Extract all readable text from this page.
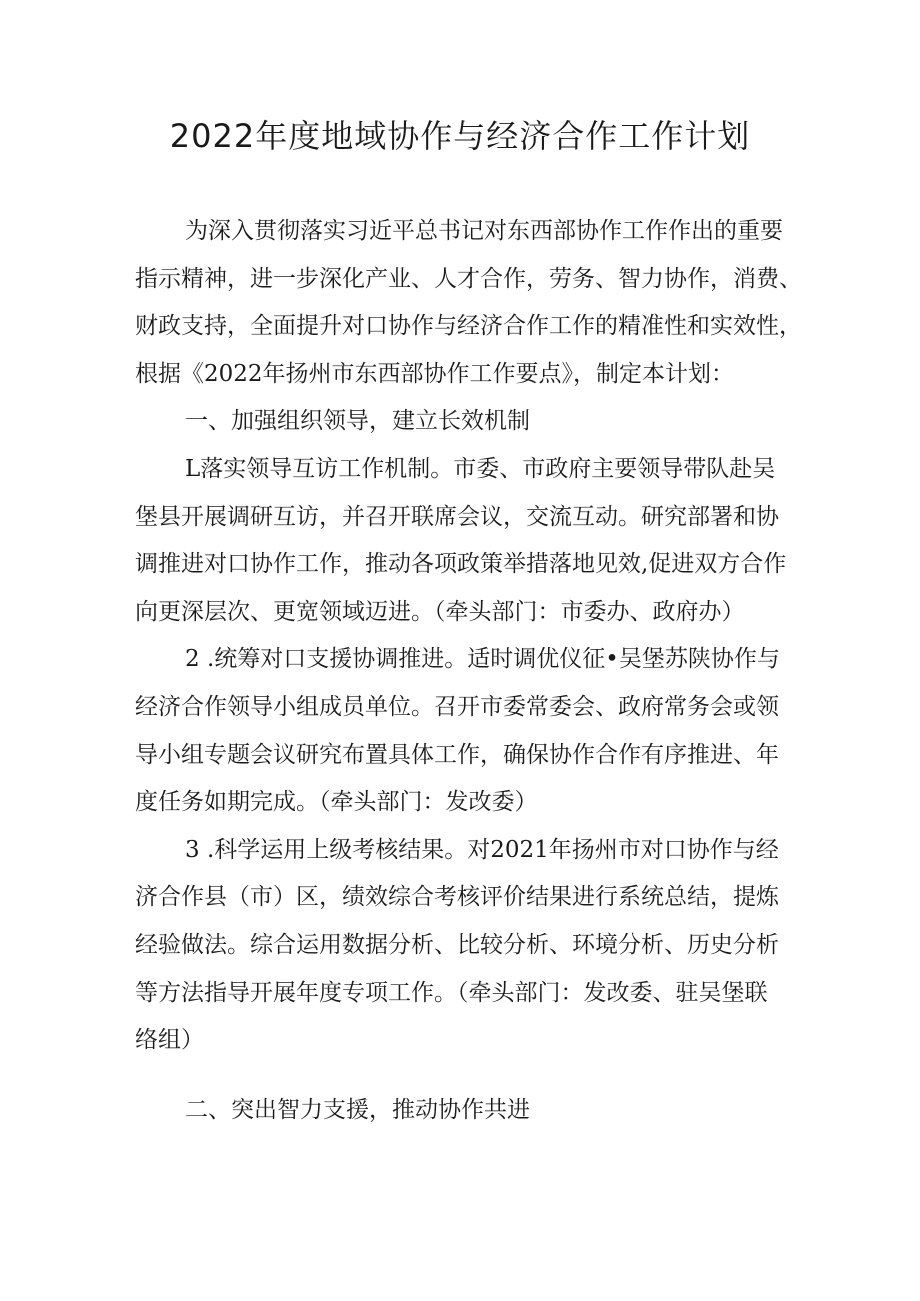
2022年度地域协作与经济合作工作计划
为深入贯彻落实习近平总书记对东西部协作工作作出的重要
指示精神，进一步深化产业、人才合作，劳务、智力协作，消费、
财政支持，全面提升对口协作与经济合作工作的精准性和实效性，
根据《2022年扬州市东西部协作工作要点》，制定本计划：
一、加强组织领导，建立长效机制
L落实领导互访工作机制。市委、市政府主要领导带队赴吴
堡县开展调研互访，并召开联席会议，交流互动。研究部署和协
调推进对口协作工作，推动各项政策举措落地见效,促进双方合作
向更深层次、更宽领域迈进。（牵头部门：市委办、政府办）
2 .统筹对口支援协调推进。适时调优仪征•吴堡苏陕协作与
经济合作领导小组成员单位。召开市委常委会、政府常务会或领
导小组专题会议研究布置具体工作，确保协作合作有序推进、年
度任务如期完成。（牵头部门：发改委）
3 .科学运用上级考核结果。对2021年扬州市对口协作与经
济合作县（市）区，绩效综合考核评价结果进行系统总结，提炼
经验做法。综合运用数据分析、比较分析、环境分析、历史分析
等方法指导开展年度专项工作。（牵头部门：发改委、驻吴堡联
络组）
二、突出智力支援，推动协作共进
